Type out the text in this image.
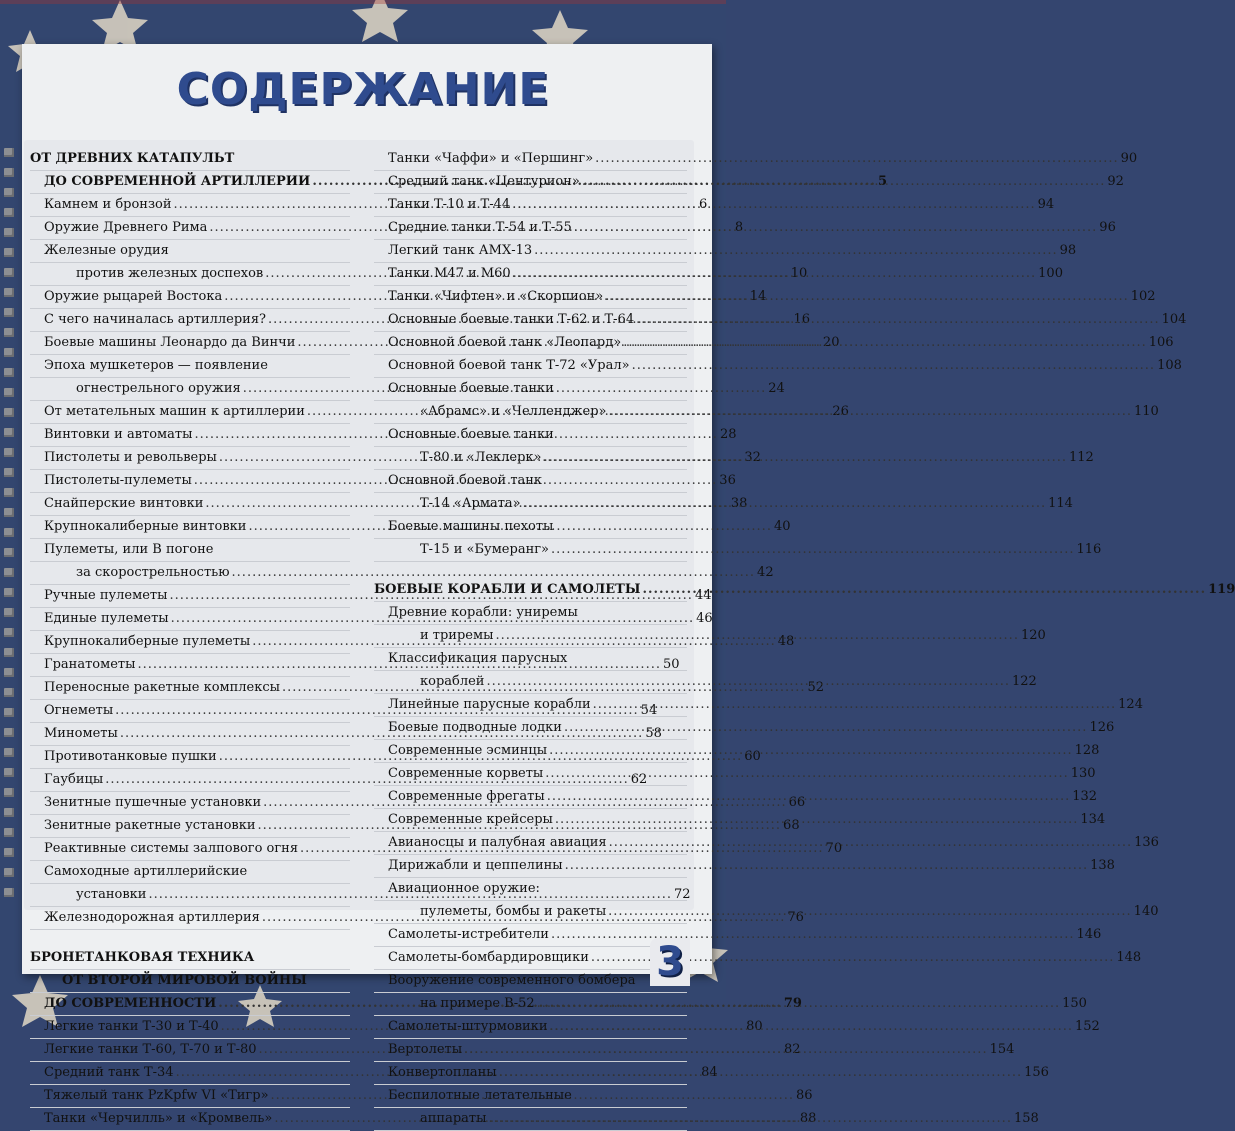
СОДЕРЖАНИЕ
ОТ ДРЕВНИХ КАТАПУЛЬТ
ДО СОВРЕМЕННОЙ АРТИЛЛЕРИИ .....	5
Камнем и бронзой .....	6
Оружие Древнего Рима .....	8
Железные орудия
против железных доспехов .....	10
Оружие рыцарей Востока .....	14
С чего начиналась артиллерия? .....	16
Боевые машины Леонардо да Винчи .....	20
Эпоха мушкетеров — появление
огнестрельного оружия .....	24
От метательных машин к артиллерии .....	26
Винтовки и автоматы .....	28
Пистолеты и револьверы .....	32
Пистолеты-пулеметы .....	36
Снайперские винтовки .....	38
Крупнокалиберные винтовки .....	40
Пулеметы, или В погоне
за скорострельностью .....	42
Ручные пулеметы .....	44
Единые пулеметы .....	46
Крупнокалиберные пулеметы .....	48
Гранатометы .....	50
Переносные ракетные комплексы .....	52
Огнеметы .....	54
Минометы .....	58
Противотанковые пушки .....	60
Гаубицы .....	62
Зенитные пушечные установки .....	66
Зенитные ракетные установки .....	68
Реактивные системы залпового огня .....	70
Самоходные артиллерийские
установки .....	72
Железнодорожная артиллерия .....	76
БРОНЕТАНКОВАЯ ТЕХНИКА
ОТ ВТОРОЙ МИРОВОЙ ВОЙНЫ
ДО СОВРЕМЕННОСТИ .....	79
Легкие танки Т-30 и Т-40 .....	80
Легкие танки Т-60, Т-70 и Т-80 .....	82
Средний танк Т-34 .....	84
Тяжелый танк PzKpfw VI «Тигр» .....	86
Танки «Черчилль» и «Кромвель» .....	88
Танки «Чаффи» и «Першинг» .....	90
Средний танк «Центурион» .....	92
Танки Т-10 и Т-44 .....	94
Средние танки Т-54 и Т-55 .....	96
Легкий танк АМХ-13 .....	98
Танки М47 и М60 .....	100
Танки «Чифтен» и «Скорпион» .....	102
Основные боевые танки Т-62 и Т-64 .....	104
Основной боевой танк «Леопард» .....	106
Основной боевой танк Т-72 «Урал» .....	108
Основные боевые танки
«Абрамс» и «Челленджер» .....	110
Основные боевые танки
Т-80 и «Леклерк» .....	112
Основной боевой танк
Т-14 «Армата» .....	114
Боевые машины пехоты
Т-15 и «Бумеранг» .....	116
БОЕВЫЕ КОРАБЛИ И САМОЛЕТЫ .....	119
Древние корабли: униремы
и триремы .....	120
Классификация парусных
кораблей .....	122
Линейные парусные корабли .....	124
Боевые подводные лодки .....	126
Современные эсминцы .....	128
Современные корветы .....	130
Современные фрегаты .....	132
Современные крейсеры .....	134
Авианосцы и палубная авиация .....	136
Дирижабли и цеппелины .....	138
Авиационное оружие:
пулеметы, бомбы и ракеты .....	140
Самолеты-истребители .....	146
Самолеты-бомбардировщики .....	148
Вооружение современного бомбера
на примере В-52 .....	150
Самолеты-штурмовики .....	152
Вертолеты .....	154
Конвертопланы .....	156
Беспилотные летательные
аппараты .....	158
3
